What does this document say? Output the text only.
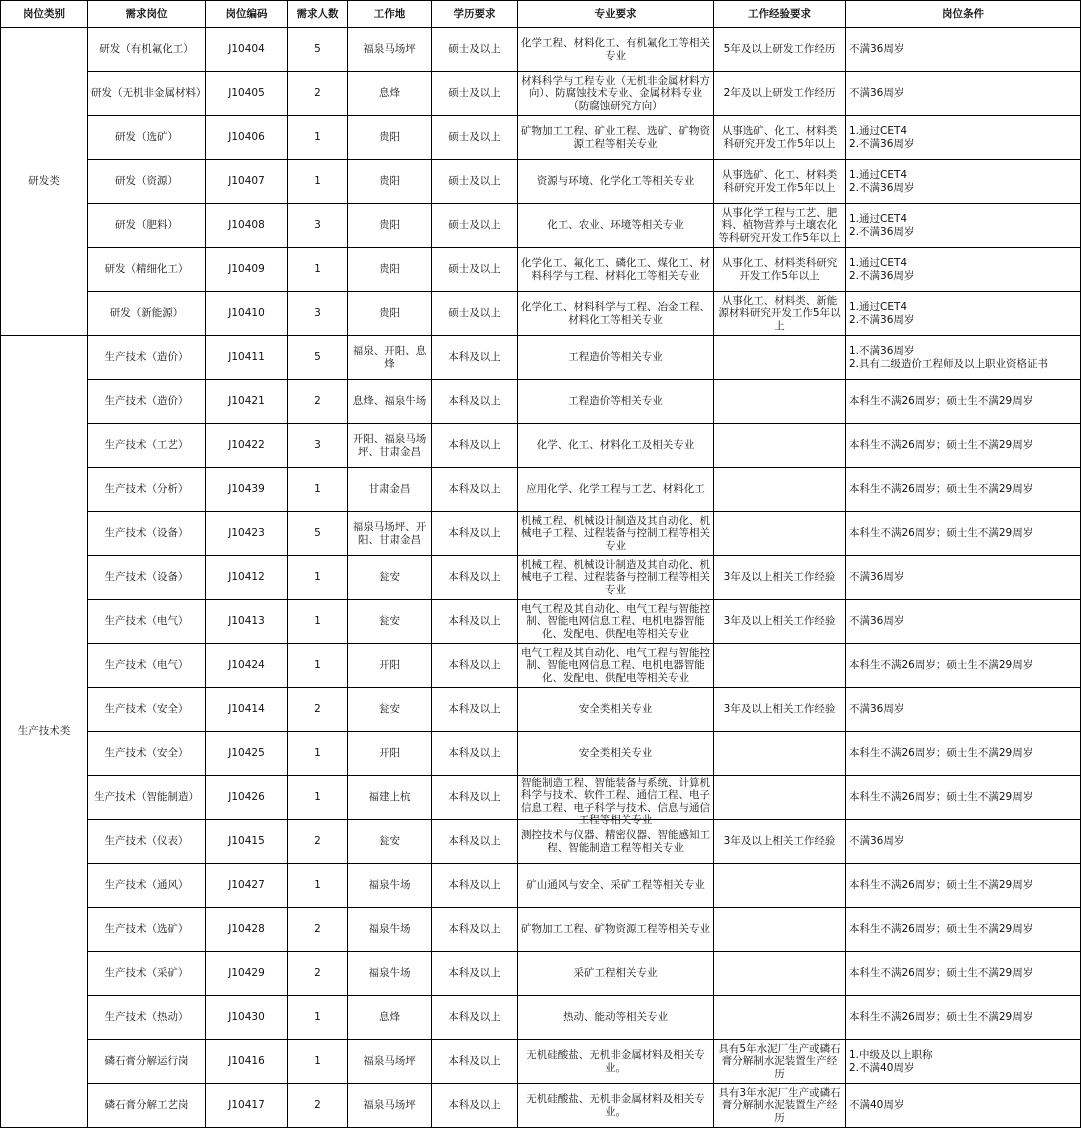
岗位类别	需求岗位	岗位编码	需求人数	工作地	学历要求	专业要求	工作经验要求	岗位条件
研发类	研发（有机氟化工）	J10404	5	福泉马场坪	硕士及以上	化学工程、材料化工、有机氟化工等相关专业	5年及以上研发工作经历	不满36周岁

	研发（无机非金属材料）	J10405	2	息烽	硕士及以上	材料科学与工程专业（无机非金属材料方向）、防腐蚀技术专业、金属材料专业（防腐蚀研究方向）	2年及以上研发工作经历	不满36周岁

	研发（选矿）	J10406	1	贵阳	硕士及以上	矿物加工工程、矿业工程、选矿、矿物资源工程等相关专业	从事选矿、化工、材料类科研究开发工作5年以上	1.通过CET4
2.不满36周岁

	研发（资源）	J10407	1	贵阳	硕士及以上	资源与环境、化学化工等相关专业	从事选矿、化工、材料类科研究开发工作5年以上	1.通过CET4
2.不满36周岁

	研发（肥料）	J10408	3	贵阳	硕士及以上	化工、农业、环境等相关专业	从事化学工程与工艺、肥料、植物营养与土壤农化等科研究开发工作5年以上	1.通过CET4
2.不满36周岁

	研发（精细化工）	J10409	1	贵阳	硕士及以上	化学化工、氟化工、磷化工、煤化工、材料科学与工程、材料化工等相关专业	从事化工、材料类科研究开发工作5年以上	1.通过CET4
2.不满36周岁

	研发（新能源）	J10410	3	贵阳	硕士及以上	化学化工、材料科学与工程、冶金工程、材料化工等相关专业	从事化工、材料类、新能源材料研究开发工作5年以上	1.通过CET4
2.不满36周岁

生产技术类	生产技术（造价）	J10411	5	福泉、开阳、息烽	本科及以上	工程造价等相关专业		1.不满36周岁
2.具有二级造价工程师及以上职业资格证书

	生产技术（造价）	J10421	2	息烽、福泉牛场	本科及以上	工程造价等相关专业		本科生不满26周岁；硕士生不满29周岁

	生产技术（工艺）	J10422	3	开阳、福泉马场坪、甘肃金昌	本科及以上	化学、化工、材料化工及相关专业		本科生不满26周岁；硕士生不满29周岁

	生产技术（分析）	J10439	1	甘肃金昌	本科及以上	应用化学、化学工程与工艺、材料化工		本科生不满26周岁；硕士生不满29周岁

	生产技术（设备）	J10423	5	福泉马场坪、开阳、甘肃金昌	本科及以上	机械工程、机械设计制造及其自动化、机械电子工程、过程装备与控制工程等相关专业		本科生不满26周岁；硕士生不满29周岁

	生产技术（设备）	J10412	1	瓮安	本科及以上	机械工程、机械设计制造及其自动化、机械电子工程、过程装备与控制工程等相关专业	3年及以上相关工作经验	不满36周岁

	生产技术（电气）	J10413	1	瓮安	本科及以上	电气工程及其自动化、电气工程与智能控制、智能电网信息工程、电机电器智能化、发配电、供配电等相关专业	3年及以上相关工作经验	不满36周岁

	生产技术（电气）	J10424	1	开阳	本科及以上	电气工程及其自动化、电气工程与智能控制、智能电网信息工程、电机电器智能化、发配电、供配电等相关专业		本科生不满26周岁；硕士生不满29周岁

	生产技术（安全）	J10414	2	瓮安	本科及以上	安全类相关专业	3年及以上相关工作经验	不满36周岁

	生产技术（安全）	J10425	1	开阳	本科及以上	安全类相关专业		本科生不满26周岁；硕士生不满29周岁

	生产技术（智能制造）	J10426	1	福建上杭	本科及以上	智能制造工程、智能装备与系统、计算机科学与技术、软件工程、通信工程、电子信息工程、电子科学与技术、信息与通信工程等相关专业		本科生不满26周岁；硕士生不满29周岁

	生产技术（仪表）	J10415	2	瓮安	本科及以上	测控技术与仪器、精密仪器、智能感知工程、智能制造工程等相关专业	3年及以上相关工作经验	不满36周岁

	生产技术（通风）	J10427	1	福泉牛场	本科及以上	矿山通风与安全、采矿工程等相关专业		本科生不满26周岁；硕士生不满29周岁

	生产技术（选矿）	J10428	2	福泉牛场	本科及以上	矿物加工工程、矿物资源工程等相关专业		本科生不满26周岁；硕士生不满29周岁

	生产技术（采矿）	J10429	2	福泉牛场	本科及以上	采矿工程相关专业		本科生不满26周岁；硕士生不满29周岁

	生产技术（热动）	J10430	1	息烽	本科及以上	热动、能动等相关专业		本科生不满26周岁；硕士生不满29周岁

	磷石膏分解运行岗	J10416	1	福泉马场坪	本科及以上	无机硅酸盐、无机非金属材料及相关专业。	具有5年水泥厂生产或磷石膏分解制水泥装置生产经历	1.中级及以上职称
2.不满40周岁

	磷石膏分解工艺岗	J10417	2	福泉马场坪	本科及以上	无机硅酸盐、无机非金属材料及相关专业。	具有3年水泥厂生产或磷石膏分解制水泥装置生产经历	不满40周岁
